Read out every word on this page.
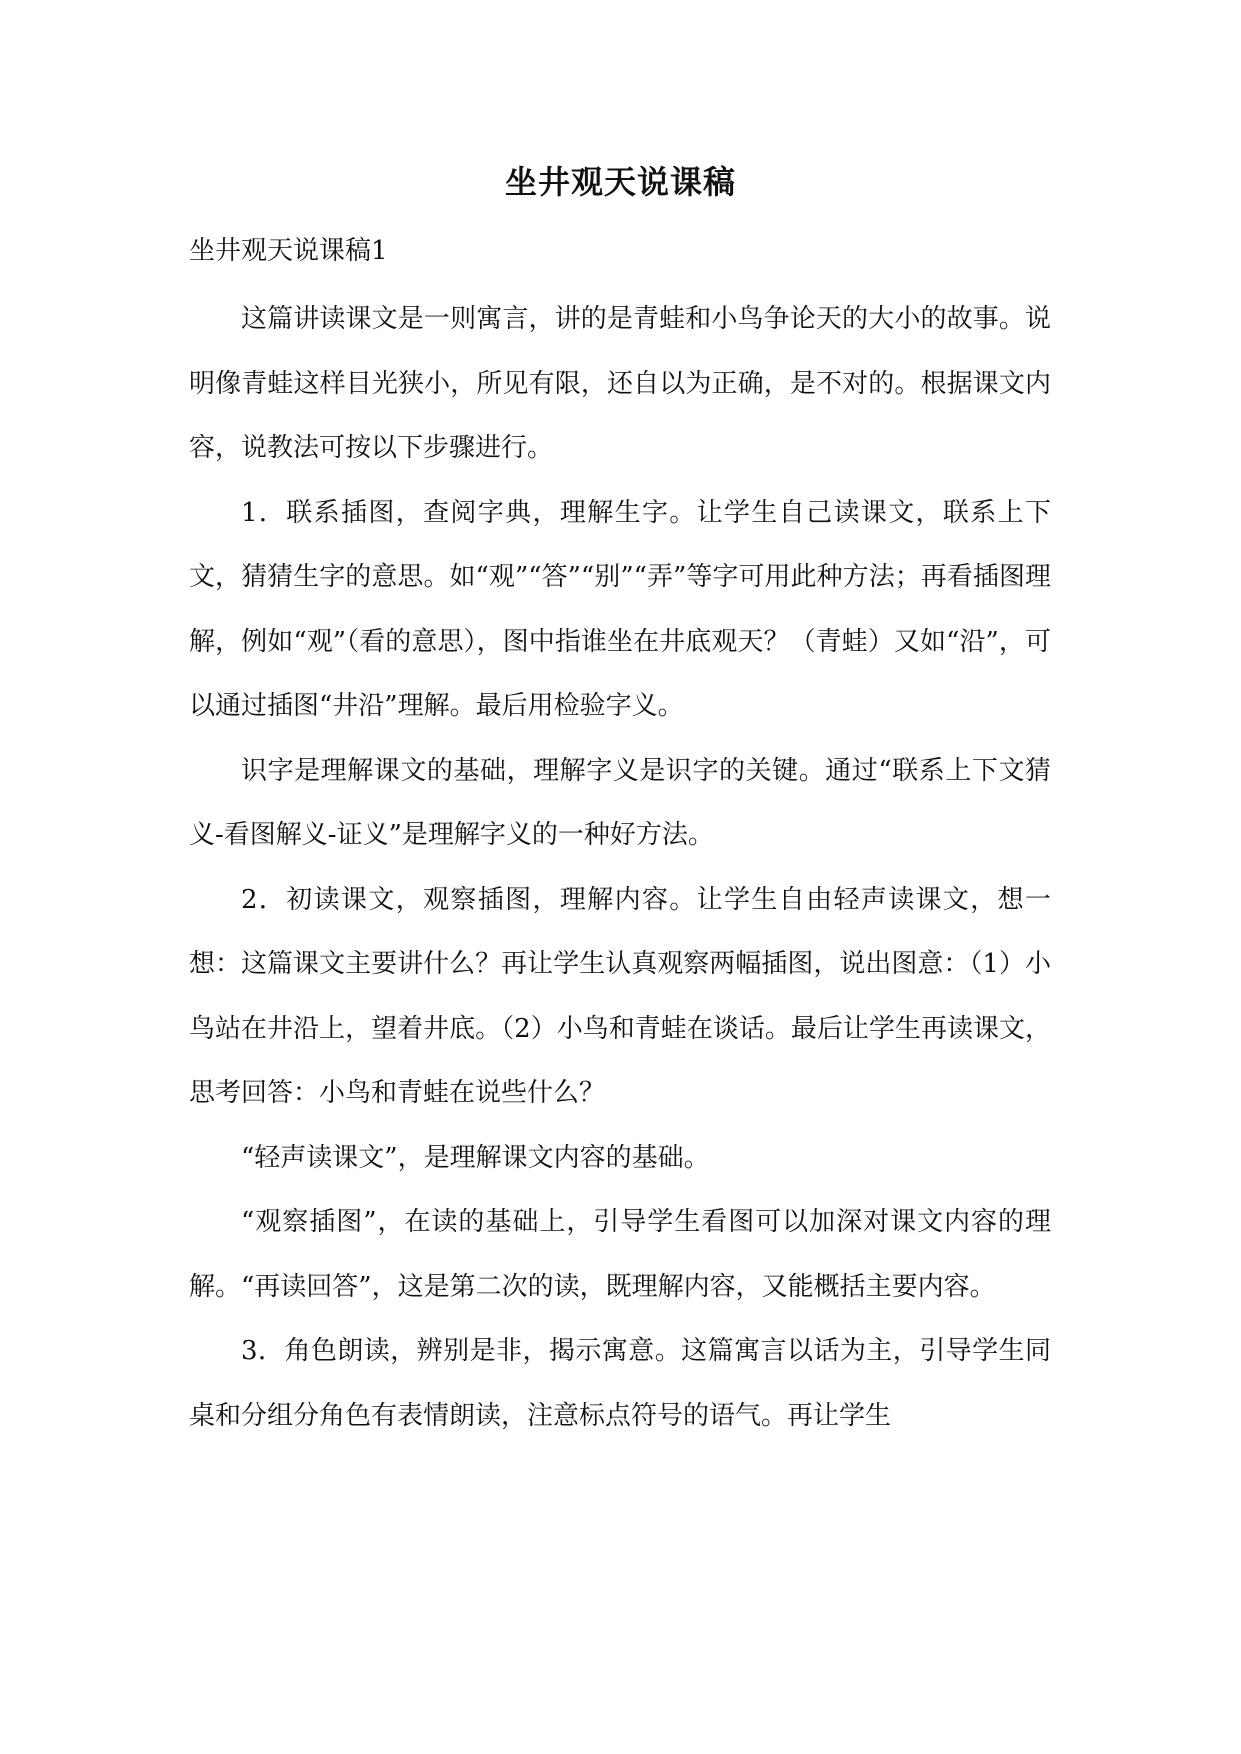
坐井观天说课稿
坐井观天说课稿1

这篇讲读课文是一则寓言，讲的是青蛙和小鸟争论天的大小的故事。说明像青蛙这样目光狭小，所见有限，还自以为正确，是不对的。根据课文内容，说教法可按以下步骤进行。

1．联系插图，查阅字典，理解生字。让学生自己读课文，联系上下文，猜猜生字的意思。如“观”“答”“别”“弄”等字可用此种方法；再看插图理解，例如“观”（看的意思），图中指谁坐在井底观天？（青蛙）又如“沿”，可以通过插图“井沿”理解。最后用检验字义。

识字是理解课文的基础，理解字义是识字的关键。通过“联系上下文猜义-看图解义-证义”是理解字义的一种好方法。

2．初读课文，观察插图，理解内容。让学生自由轻声读课文，想一想：这篇课文主要讲什么？再让学生认真观察两幅插图，说出图意：（1）小鸟站在井沿上，望着井底。（2）小鸟和青蛙在谈话。最后让学生再读课文，思考回答：小鸟和青蛙在说些什么？

“轻声读课文”，是理解课文内容的基础。

“观察插图”，在读的基础上，引导学生看图可以加深对课文内容的理解。“再读回答”，这是第二次的读，既理解内容，又能概括主要内容。

3．角色朗读，辨别是非，揭示寓意。这篇寓言以话为主，引导学生同桌和分组分角色有表情朗读，注意标点符号的语气。再让学生
